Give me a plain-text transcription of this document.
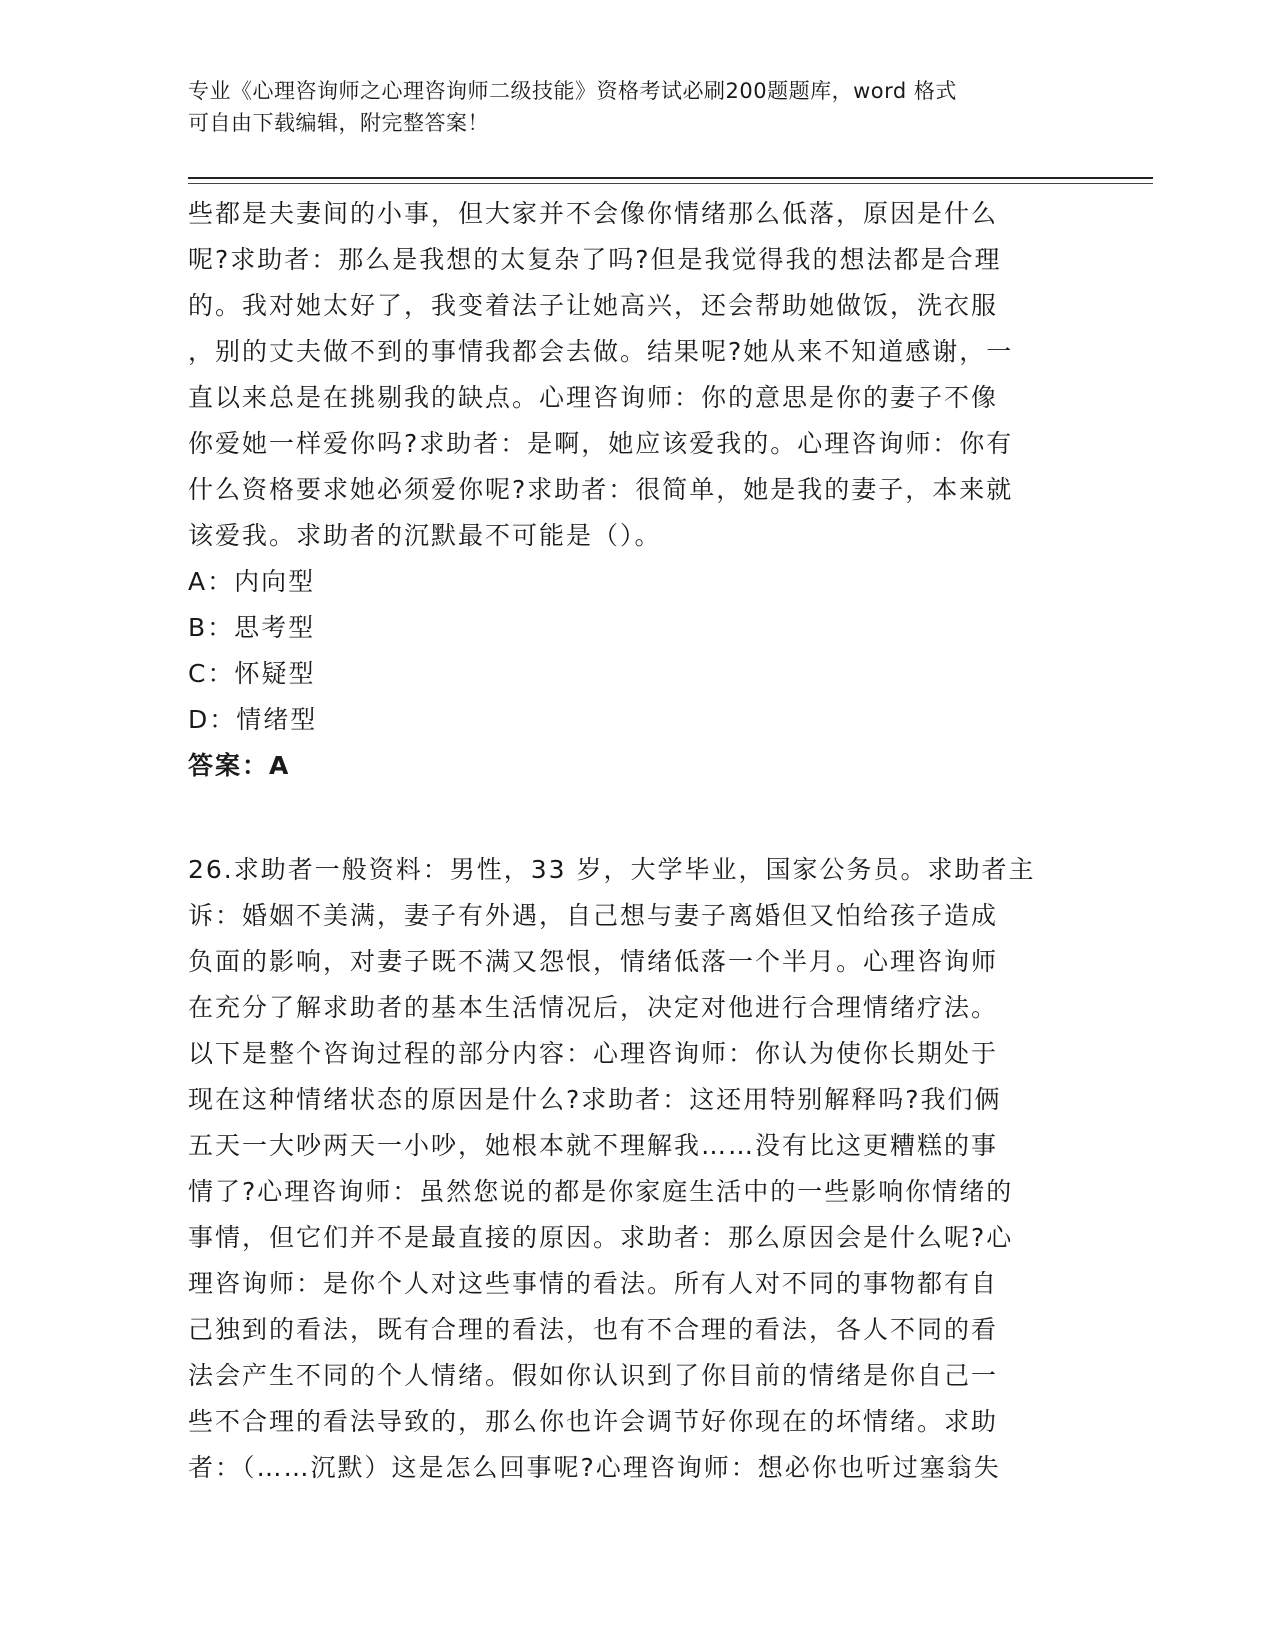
专业《心理咨询师之心理咨询师二级技能》资格考试必刷200题题库，word 格式
可自由下载编辑，附完整答案！

些都是夫妻间的小事，但大家并不会像你情绪那么低落，原因是什么

呢?求助者：那么是我想的太复杂了吗?但是我觉得我的想法都是合理

的。我对她太好了，我变着法子让她高兴，还会帮助她做饭，洗衣服

，别的丈夫做不到的事情我都会去做。结果呢?她从来不知道感谢，一

直以来总是在挑剔我的缺点。心理咨询师：你的意思是你的妻子不像

你爱她一样爱你吗?求助者：是啊，她应该爱我的。心理咨询师：你有

什么资格要求她必须爱你呢?求助者：很简单，她是我的妻子，本来就

该爱我。求助者的沉默最不可能是（）。

A：内向型

B：思考型

C：怀疑型

D：情绪型

答案：A

26.求助者一般资料：男性，33 岁，大学毕业，国家公务员。求助者主

诉：婚姻不美满，妻子有外遇，自己想与妻子离婚但又怕给孩子造成

负面的影响，对妻子既不满又怨恨，情绪低落一个半月。心理咨询师

在充分了解求助者的基本生活情况后，决定对他进行合理情绪疗法。

以下是整个咨询过程的部分内容：心理咨询师：你认为使你长期处于

现在这种情绪状态的原因是什么?求助者：这还用特别解释吗?我们俩

五天一大吵两天一小吵，她根本就不理解我……没有比这更糟糕的事

情了?心理咨询师：虽然您说的都是你家庭生活中的一些影响你情绪的

事情，但它们并不是最直接的原因。求助者：那么原因会是什么呢?心

理咨询师：是你个人对这些事情的看法。所有人对不同的事物都有自

己独到的看法，既有合理的看法，也有不合理的看法，各人不同的看

法会产生不同的个人情绪。假如你认识到了你目前的情绪是你自己一

些不合理的看法导致的，那么你也许会调节好你现在的坏情绪。求助

者：（……沉默）这是怎么回事呢?心理咨询师：想必你也听过塞翁失
